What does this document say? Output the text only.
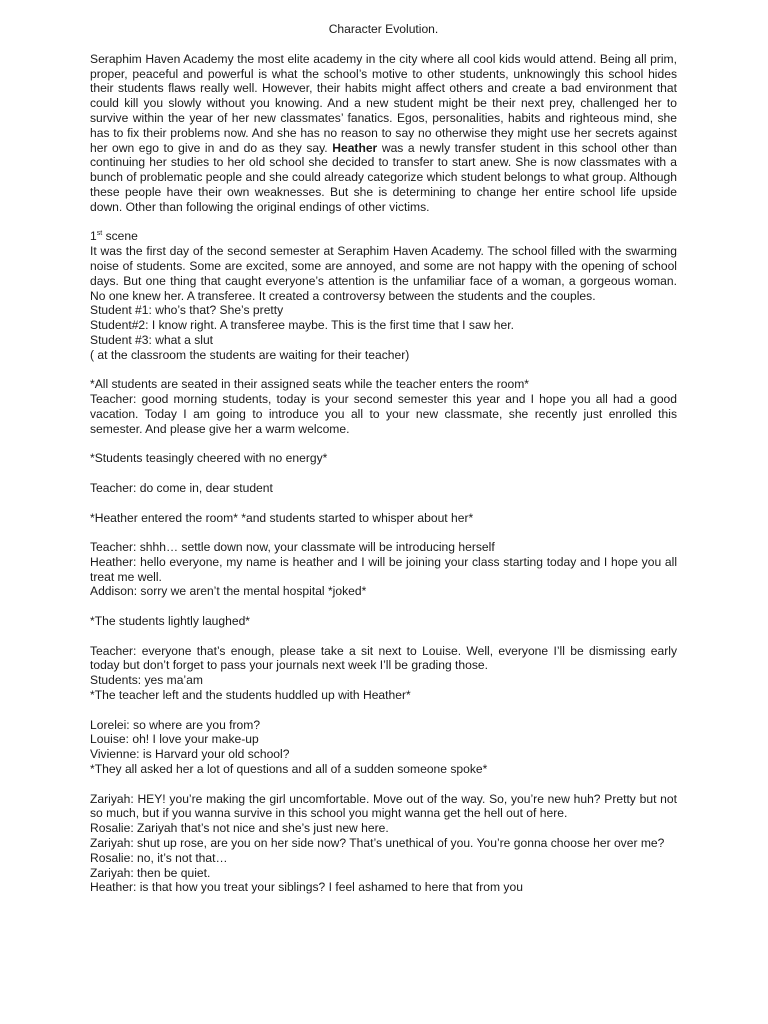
Character Evolution.

Seraphim Haven Academy the most elite academy in the city where all cool kids would attend. Being all prim, proper, peaceful and powerful is what the school’s motive to other students, unknowingly this school hides their students flaws really well. However, their habits might affect others and create a bad environment that could kill you slowly without you knowing. And a new student might be their next prey, challenged her to survive within the year of her new classmates’ fanatics. Egos, personalities, habits and righteous mind, she has to fix their problems now. And she has no reason to say no otherwise they might use her secrets against her own ego to give in and do as they say. Heather was a newly transfer student in this school other than continuing her studies to her old school she decided to transfer to start anew. She is now classmates with a bunch of problematic people and she could already categorize which student belongs to what group. Although these people have their own weaknesses. But she is determining to change her entire school life upside down. Other than following the original endings of other victims.

1st scene

It was the first day of the second semester at Seraphim Haven Academy. The school filled with the swarming noise of students. Some are excited, some are annoyed, and some are not happy with the opening of school days. But one thing that caught everyone’s attention is the unfamiliar face of a woman, a gorgeous woman. No one knew her. A transferee. It created a controversy between the students and the couples.

Student #1: who’s that? She’s pretty

Student#2: I know right. A transferee maybe. This is the first time that I saw her.

Student #3: what a slut

( at the classroom the students are waiting for their teacher)

*All students are seated in their assigned seats while the teacher enters the room*

Teacher: good morning students, today is your second semester this year and I hope you all had a good vacation. Today I am going to introduce you all to your new classmate, she recently just enrolled this semester. And please give her a warm welcome.

*Students teasingly cheered with no energy*

Teacher: do come in, dear student

*Heather entered the room* *and students started to whisper about her*

Teacher: shhh… settle down now, your classmate will be introducing herself

Heather: hello everyone, my name is heather and I will be joining your class starting today and I hope you all treat me well.

Addison: sorry we aren’t the mental hospital *joked*

*The students lightly laughed*

Teacher: everyone that’s enough, please take a sit next to Louise. Well, everyone I’ll be dismissing early today but don’t forget to pass your journals next week I’ll be grading those.

Students: yes ma’am

*The teacher left and the students huddled up with Heather*

Lorelei: so where are you from?

Louise: oh! I love your make-up

Vivienne: is Harvard your old school?

*They all asked her a lot of questions and all of a sudden someone spoke*

Zariyah: HEY! you’re making the girl uncomfortable. Move out of the way. So, you’re new huh? Pretty but not so much, but if you wanna survive in this school you might wanna get the hell out of here.

Rosalie: Zariyah that’s not nice and she’s just new here.

Zariyah: shut up rose, are you on her side now? That’s unethical of you. You’re gonna choose her over me?

Rosalie: no, it’s not that…

Zariyah: then be quiet.

Heather: is that how you treat your siblings? I feel ashamed to here that from you
